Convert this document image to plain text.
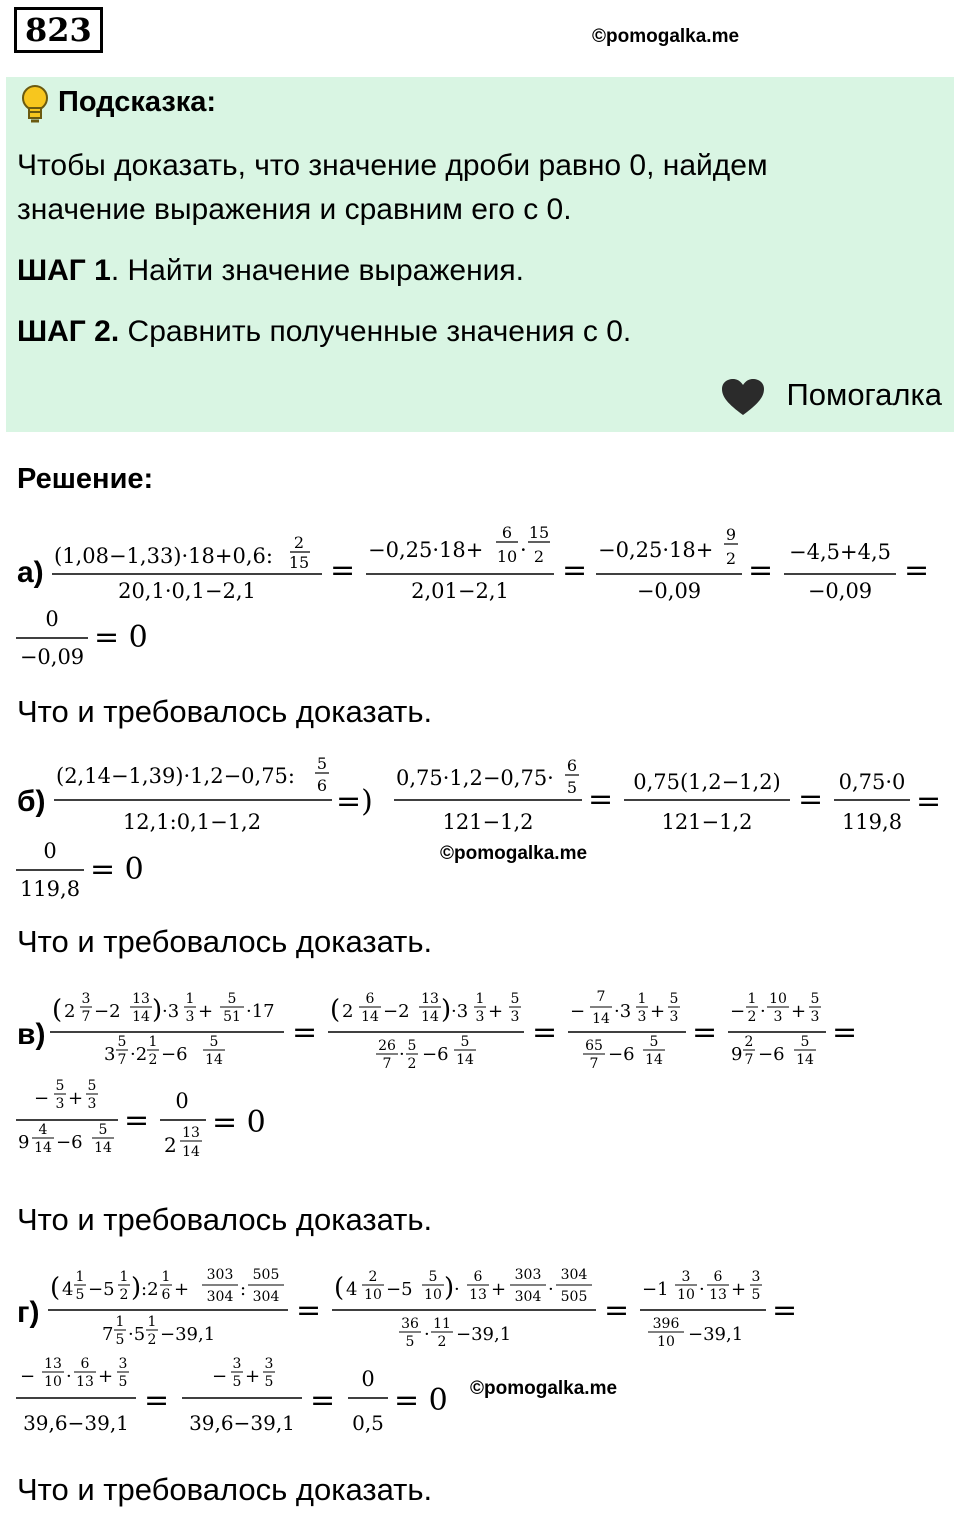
823	©pomogalka.me
Подсказка:
Чтобы доказать, что значение дроби равно 0, найдем
значение выражения и сравним его с 0.
ШАГ 1. Найти значение выражения.
ШАГ 2. Сравнить полученные значения с 0.
Помогалка
Решение:
а) (1,08−1,33)·18+0,6:
2
15
20,1·0,1−2,1
=
−0,25·18+
6
10 ·
15
2
2,01−2,1
=
−0,25·18+
9
2
−0,09
=
−4,5+4,5
−0,09
=
0
−0,09
= 0
Что и требовалось доказать.
б)
(2,14−1,39)·1,2−0,75:
5
6
12,1:0,1−1,2
=)
0,75·1,2−0,75·
6
5
121−1,2
= 0,75(1,2−1,2)
121−1,2
= 0,75·0
119,8
=
0
119,8
= 0	©pomogalka.me
Что и требовалось доказать.
в)
( 2
3
7 −2
13
14 ) ·3
1
3 +
5
51 ·17
3
5
7 ·2
1
2 −6
5
14
=
( 2
6
14 −2
13
14 ) ·3
1
3 +
5
3
26
7 · 5
2 −6
5
14
=
−
7
14 ·3
1
3 +
5
3
65
7 −6
5
14
=
−
1
2 ·
10
3 +
5
3
9
2
7 −6
5
14
=
−
5
3 +
5
3
9
4
14 −6
5
14
=
0
2 13
14
= 0
Что и требовалось доказать.
г)
( 4
1
5 −5
1
2 ) :2
1
6 +
303
304 :
505
304
7
1
5 ·5
1
2 −39,1
=
( 4
2
10 −5
5
10 ) ·
6
13 +
303
304 ·
304
505
36
5 · 11
2 −39,1
=
−1
3
10 ·
6
13 +
3
5
396
10 −39,1
=
−
13
10 ·
6
13 +
3
5
39,6−39,1
=
−
3
5 +
3
5
39,6−39,1
=
0
0,5
= 0 ©pomogalka.me
Что и требовалось доказать.
